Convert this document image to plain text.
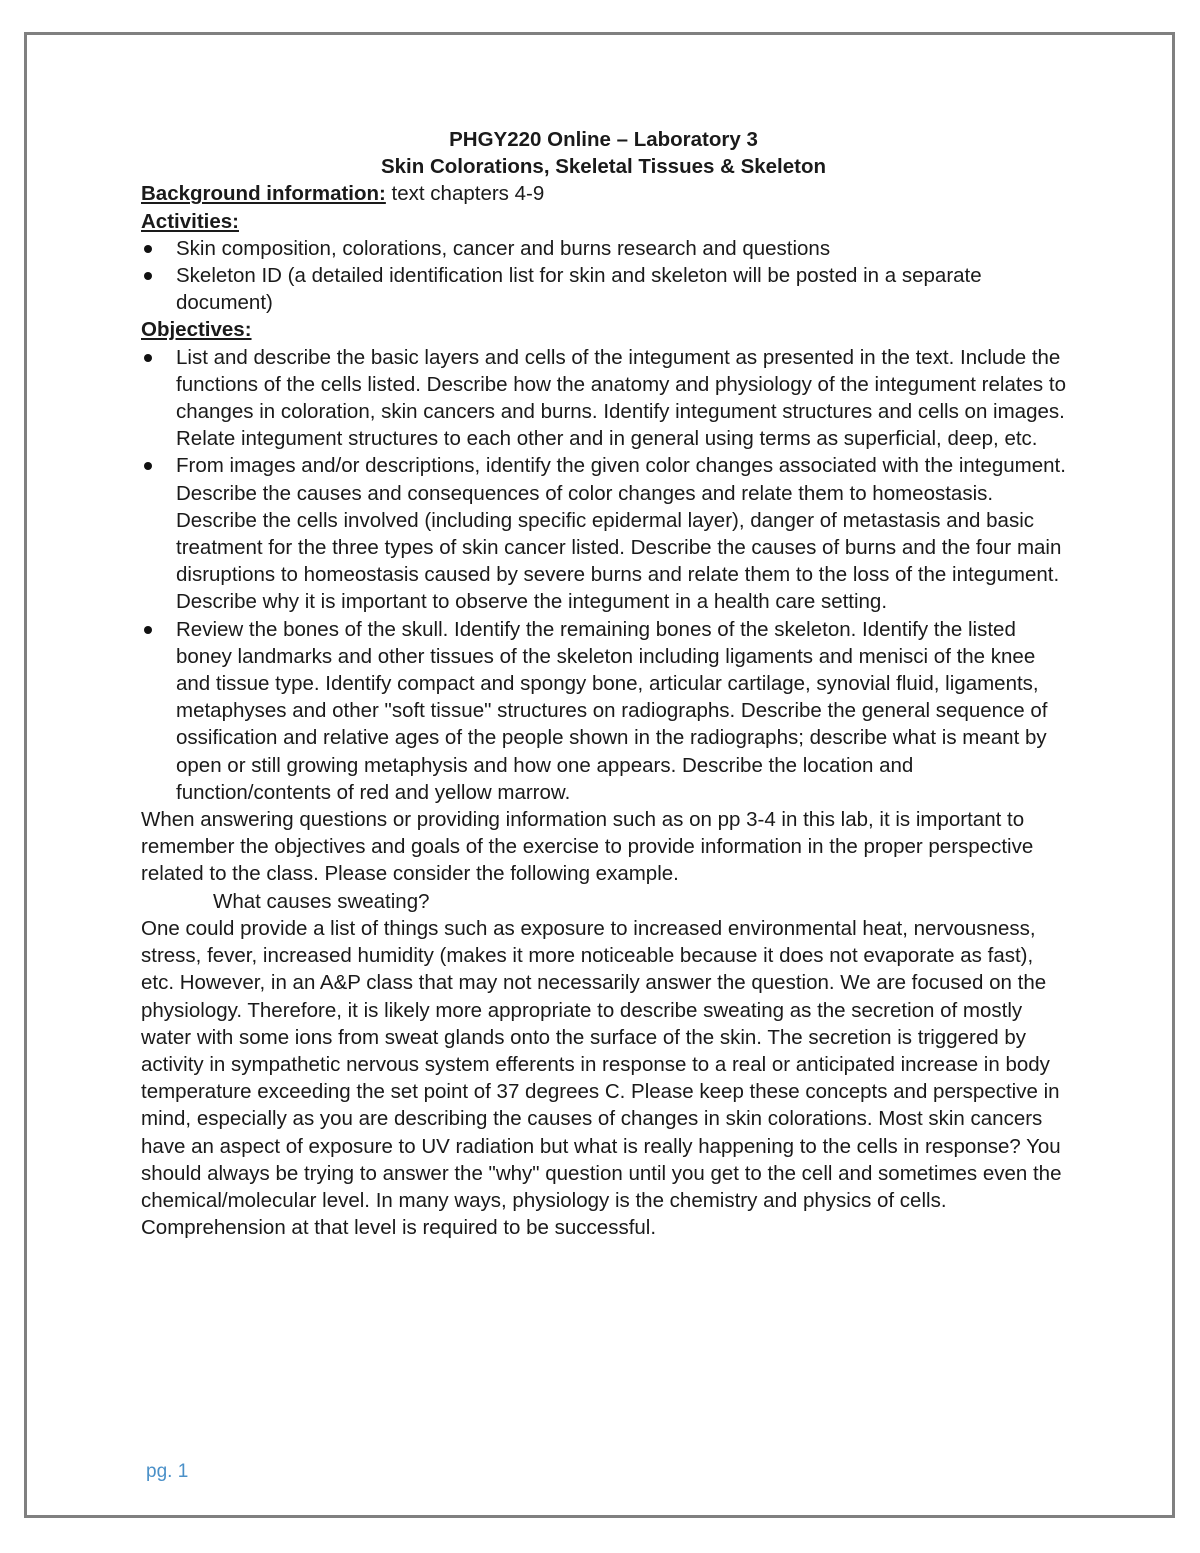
PHGY220 Online – Laboratory 3

Skin Colorations, Skeletal Tissues & Skeleton

Background information: text chapters 4-9

Activities:

Skin composition, colorations, cancer and burns research and questions
Skeleton ID (a detailed identification list for skin and skeleton will be posted in a separate document)

Objectives:

List and describe the basic layers and cells of the integument as presented in the text. Include the functions of the cells listed. Describe how the anatomy and physiology of the integument relates to changes in coloration, skin cancers and burns. Identify integument structures and cells on images. Relate integument structures to each other and in general using terms as superficial, deep, etc.
From images and/or descriptions, identify the given color changes associated with the integument. Describe the causes and consequences of color changes and relate them to homeostasis. Describe the cells involved (including specific epidermal layer), danger of metastasis and basic treatment for the three types of skin cancer listed. Describe the causes of burns and the four main disruptions to homeostasis caused by severe burns and relate them to the loss of the integument. Describe why it is important to observe the integument in a health care setting.
Review the bones of the skull. Identify the remaining bones of the skeleton. Identify the listed boney landmarks and other tissues of the skeleton including ligaments and menisci of the knee and tissue type. Identify compact and spongy bone, articular cartilage, synovial fluid, ligaments, metaphyses and other "soft tissue" structures on radiographs. Describe the general sequence of ossification and relative ages of the people shown in the radiographs; describe what is meant by open or still growing metaphysis and how one appears. Describe the location and function/contents of red and yellow marrow.

When answering questions or providing information such as on pp 3-4 in this lab, it is important to remember the objectives and goals of the exercise to provide information in the proper perspective related to the class. Please consider the following example.

What causes sweating?

One could provide a list of things such as exposure to increased environmental heat, nervousness, stress, fever, increased humidity (makes it more noticeable because it does not evaporate as fast), etc. However, in an A&P class that may not necessarily answer the question. We are focused on the physiology. Therefore, it is likely more appropriate to describe sweating as the secretion of mostly water with some ions from sweat glands onto the surface of the skin. The secretion is triggered by activity in sympathetic nervous system efferents in response to a real or anticipated increase in body temperature exceeding the set point of 37 degrees C. Please keep these concepts and perspective in mind, especially as you are describing the causes of changes in skin colorations. Most skin cancers have an aspect of exposure to UV radiation but what is really happening to the cells in response? You should always be trying to answer the "why" question until you get to the cell and sometimes even the chemical/molecular level. In many ways, physiology is the chemistry and physics of cells. Comprehension at that level is required to be successful.

pg. 1
